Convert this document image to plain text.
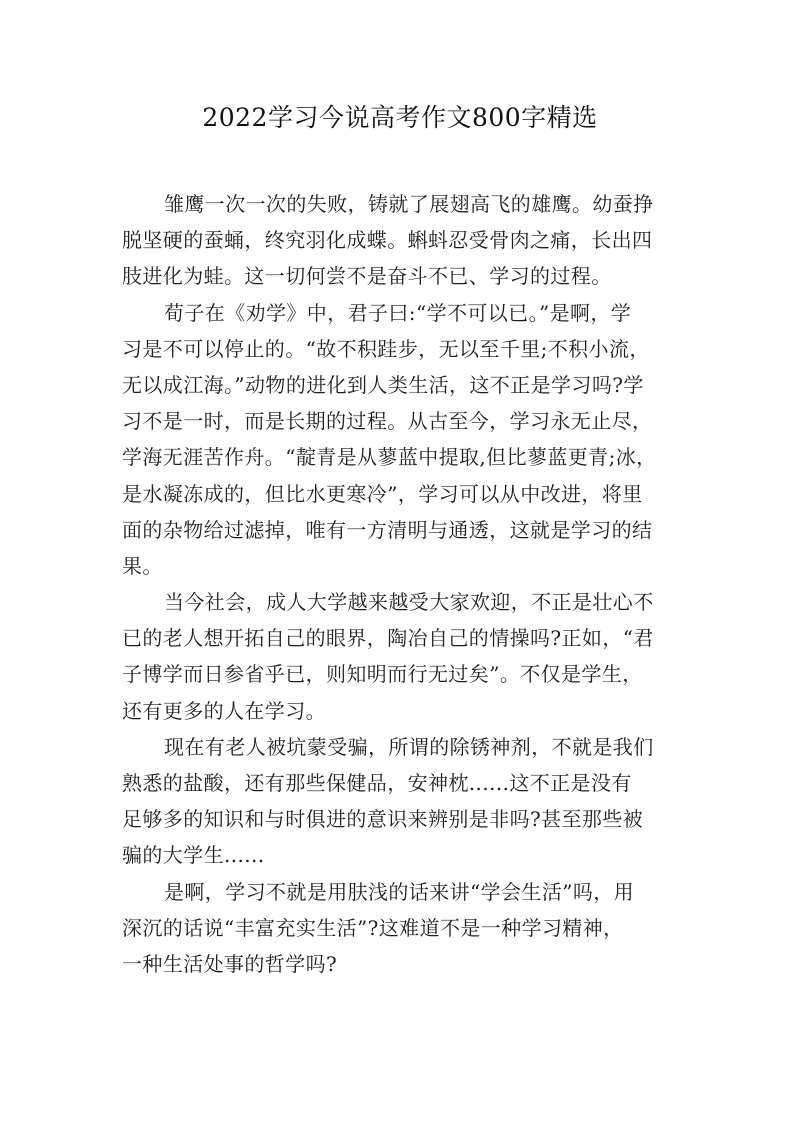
2022学习今说高考作文800字精选
雏鹰一次一次的失败，铸就了展翅高飞的雄鹰。幼蚕挣
脱坚硬的蚕蛹，终究羽化成蝶。蝌蚪忍受骨肉之痛，长出四
肢进化为蛙。这一切何尝不是奋斗不已、学习的过程。
荀子在《劝学》中，君子曰:“学不可以已。”是啊，学
习是不可以停止的。“故不积跬步，无以至千里;不积小流，
无以成江海。”动物的进化到人类生活，这不正是学习吗?学
习不是一时，而是长期的过程。从古至今，学习永无止尽，
学海无涯苦作舟。“靛青是从蓼蓝中提取,但比蓼蓝更青;冰，
是水凝冻成的，但比水更寒冷”，学习可以从中改进，将里
面的杂物给过滤掉，唯有一方清明与通透，这就是学习的结
果。
当今社会，成人大学越来越受大家欢迎，不正是壮心不
已的老人想开拓自己的眼界，陶冶自己的情操吗?正如，“君
子博学而日参省乎已，则知明而行无过矣”。不仅是学生，
还有更多的人在学习。
现在有老人被坑蒙受骗，所谓的除锈神剂，不就是我们
熟悉的盐酸，还有那些保健品，安神枕......这不正是没有
足够多的知识和与时俱进的意识来辨别是非吗?甚至那些被
骗的大学生......
是啊，学习不就是用肤浅的话来讲“学会生活”吗，用
深沉的话说“丰富充实生活”?这难道不是一种学习精神，
一种生活处事的哲学吗?
